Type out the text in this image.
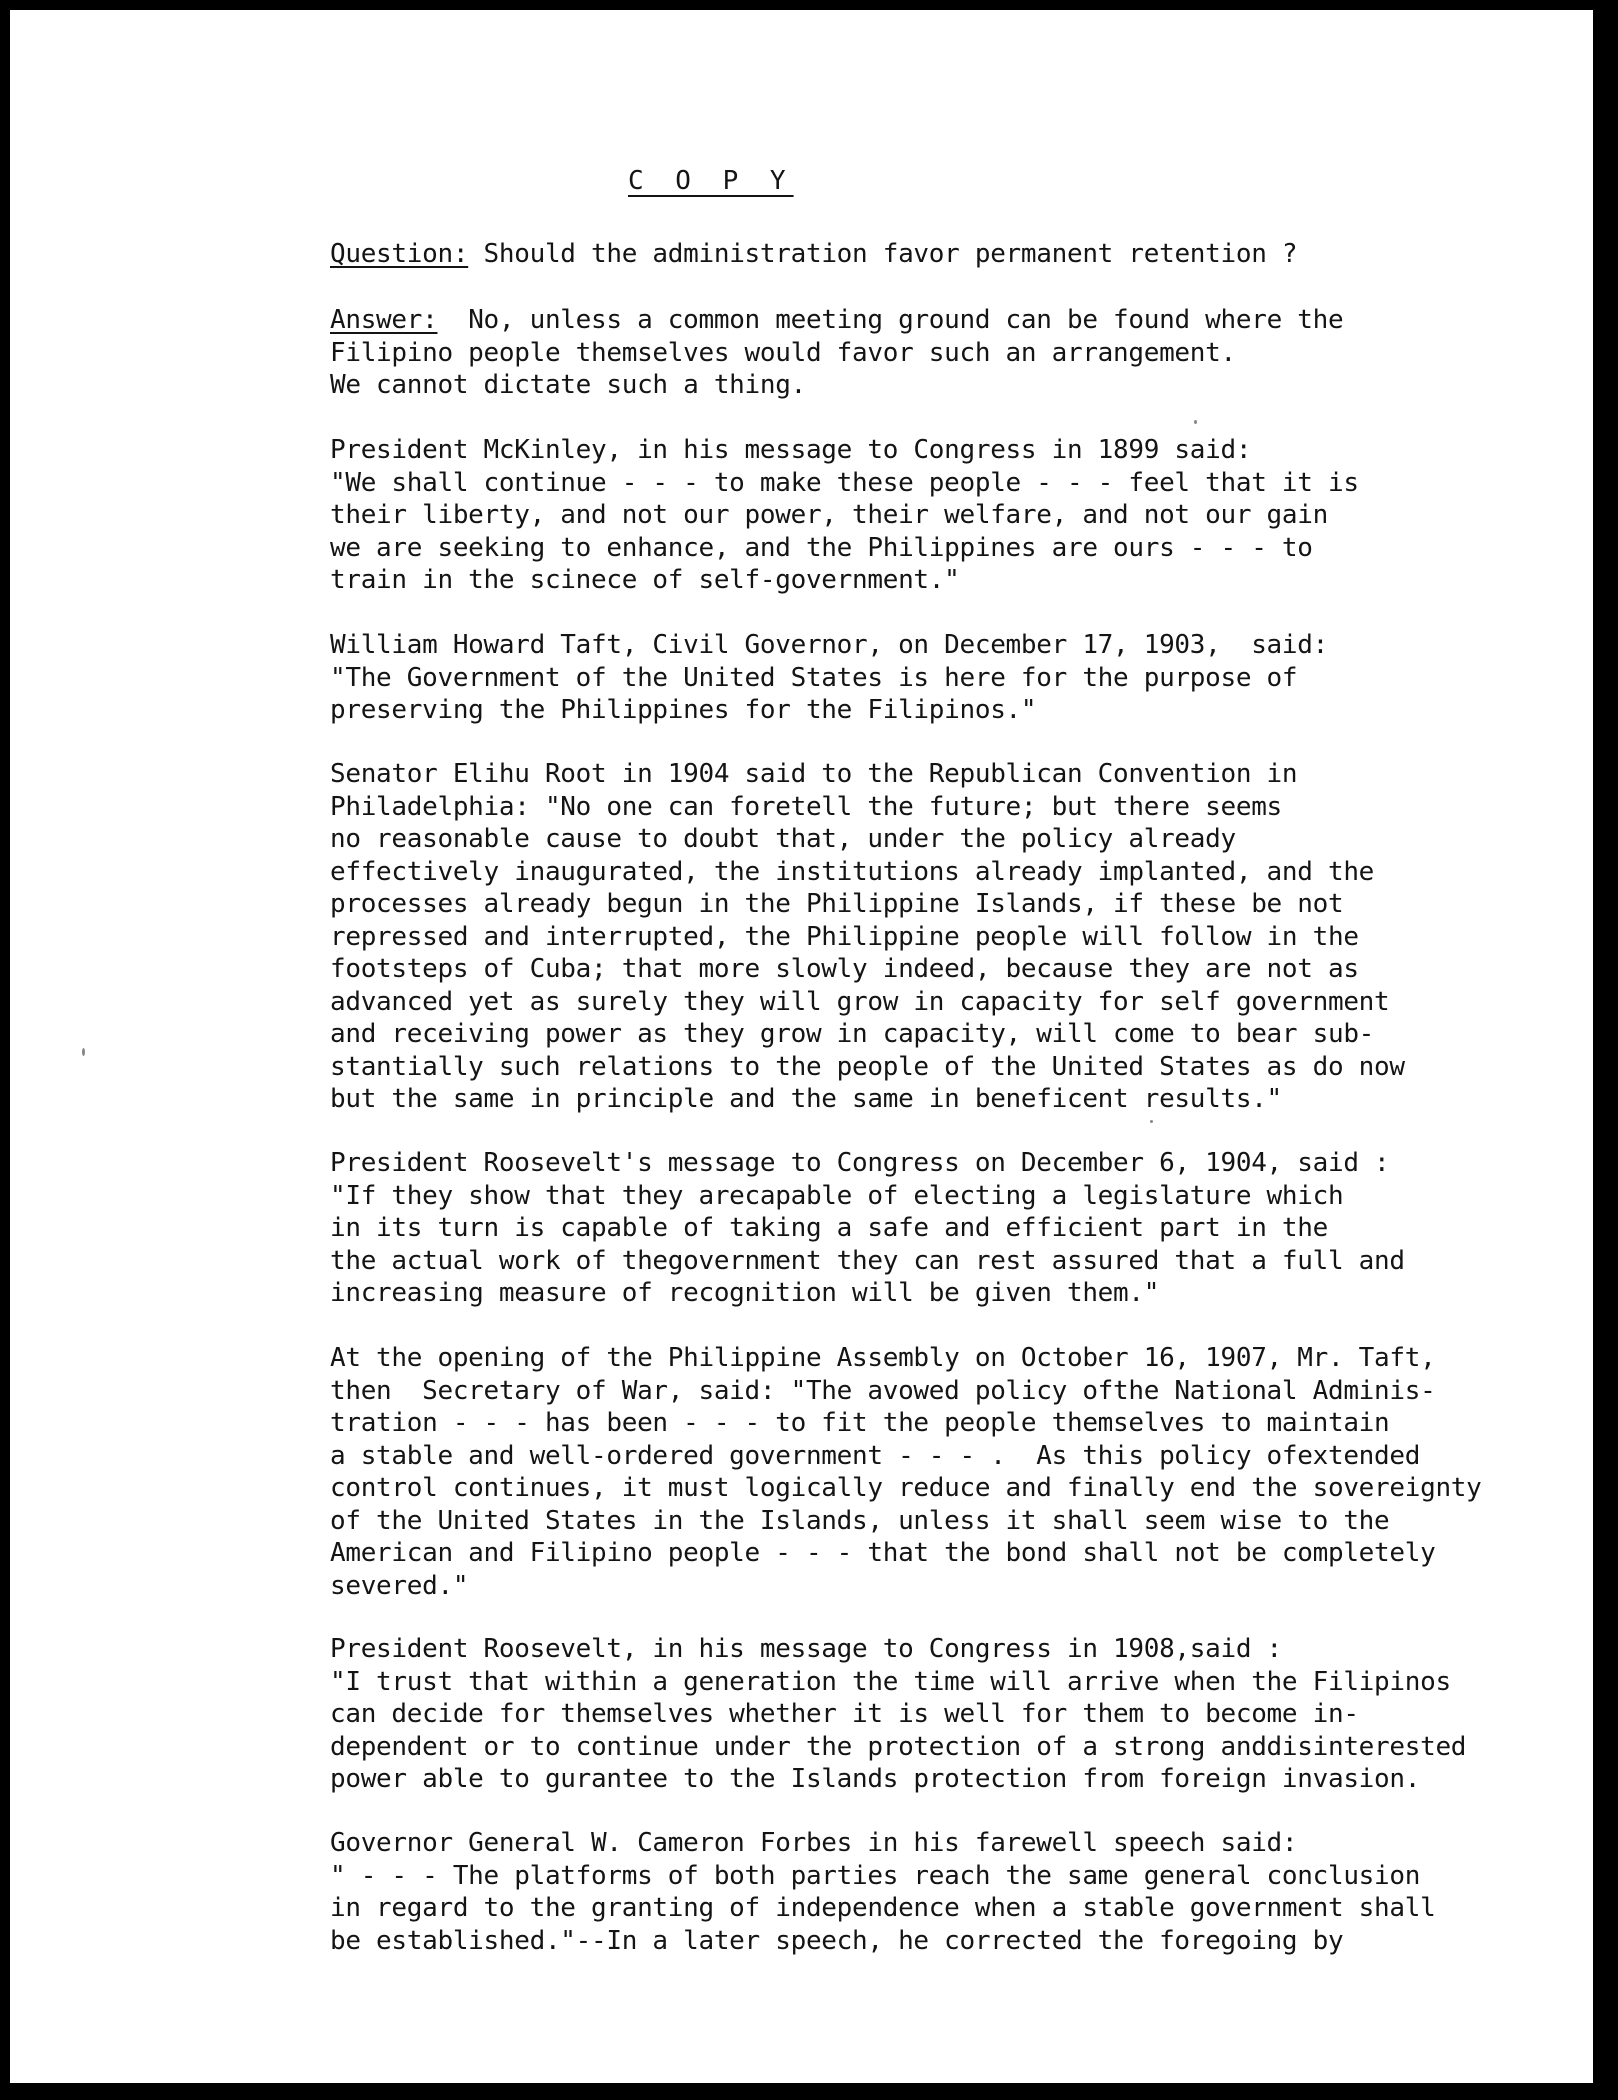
C O P Y
Question: Should the administration favor permanent retention ?
Answer:  No, unless a common meeting ground can be found where the
Filipino people themselves would favor such an arrangement.
We cannot dictate such a thing.
President McKinley, in his message to Congress in 1899 said:
"We shall continue - - - to make these people - - - feel that it is
their liberty, and not our power, their welfare, and not our gain
we are seeking to enhance, and the Philippines are ours - - - to
train in the scinece of self-government."
William Howard Taft, Civil Governor, on December 17, 1903,  said:
"The Government of the United States is here for the purpose of
preserving the Philippines for the Filipinos."
Senator Elihu Root in 1904 said to the Republican Convention in
Philadelphia: "No one can foretell the future; but there seems
no reasonable cause to doubt that, under the policy already
effectively inaugurated, the institutions already implanted, and the
processes already begun in the Philippine Islands, if these be not
repressed and interrupted, the Philippine people will follow in the
footsteps of Cuba; that more slowly indeed, because they are not as
advanced yet as surely they will grow in capacity for self government
and receiving power as they grow in capacity, will come to bear sub-
stantially such relations to the people of the United States as do now
but the same in principle and the same in beneficent results."
President Roosevelt's message to Congress on December 6, 1904, said :
"If they show that they arecapable of electing a legislature which
in its turn is capable of taking a safe and efficient part in the
the actual work of thegovernment they can rest assured that a full and
increasing measure of recognition will be given them."
At the opening of the Philippine Assembly on October 16, 1907, Mr. Taft,
then  Secretary of War, said: "The avowed policy ofthe National Adminis-
tration - - - has been - - - to fit the people themselves to maintain
a stable and well-ordered government - - - .  As this policy ofextended
control continues, it must logically reduce and finally end the sovereignty
of the United States in the Islands, unless it shall seem wise to the
American and Filipino people - - - that the bond shall not be completely
severed."
President Roosevelt, in his message to Congress in 1908,said :
"I trust that within a generation the time will arrive when the Filipinos
can decide for themselves whether it is well for them to become in-
dependent or to continue under the protection of a strong anddisinterested
power able to gurantee to the Islands protection from foreign invasion.
Governor General W. Cameron Forbes in his farewell speech said:
" - - - The platforms of both parties reach the same general conclusion
in regard to the granting of independence when a stable government shall
be established."--In a later speech, he corrected the foregoing by
